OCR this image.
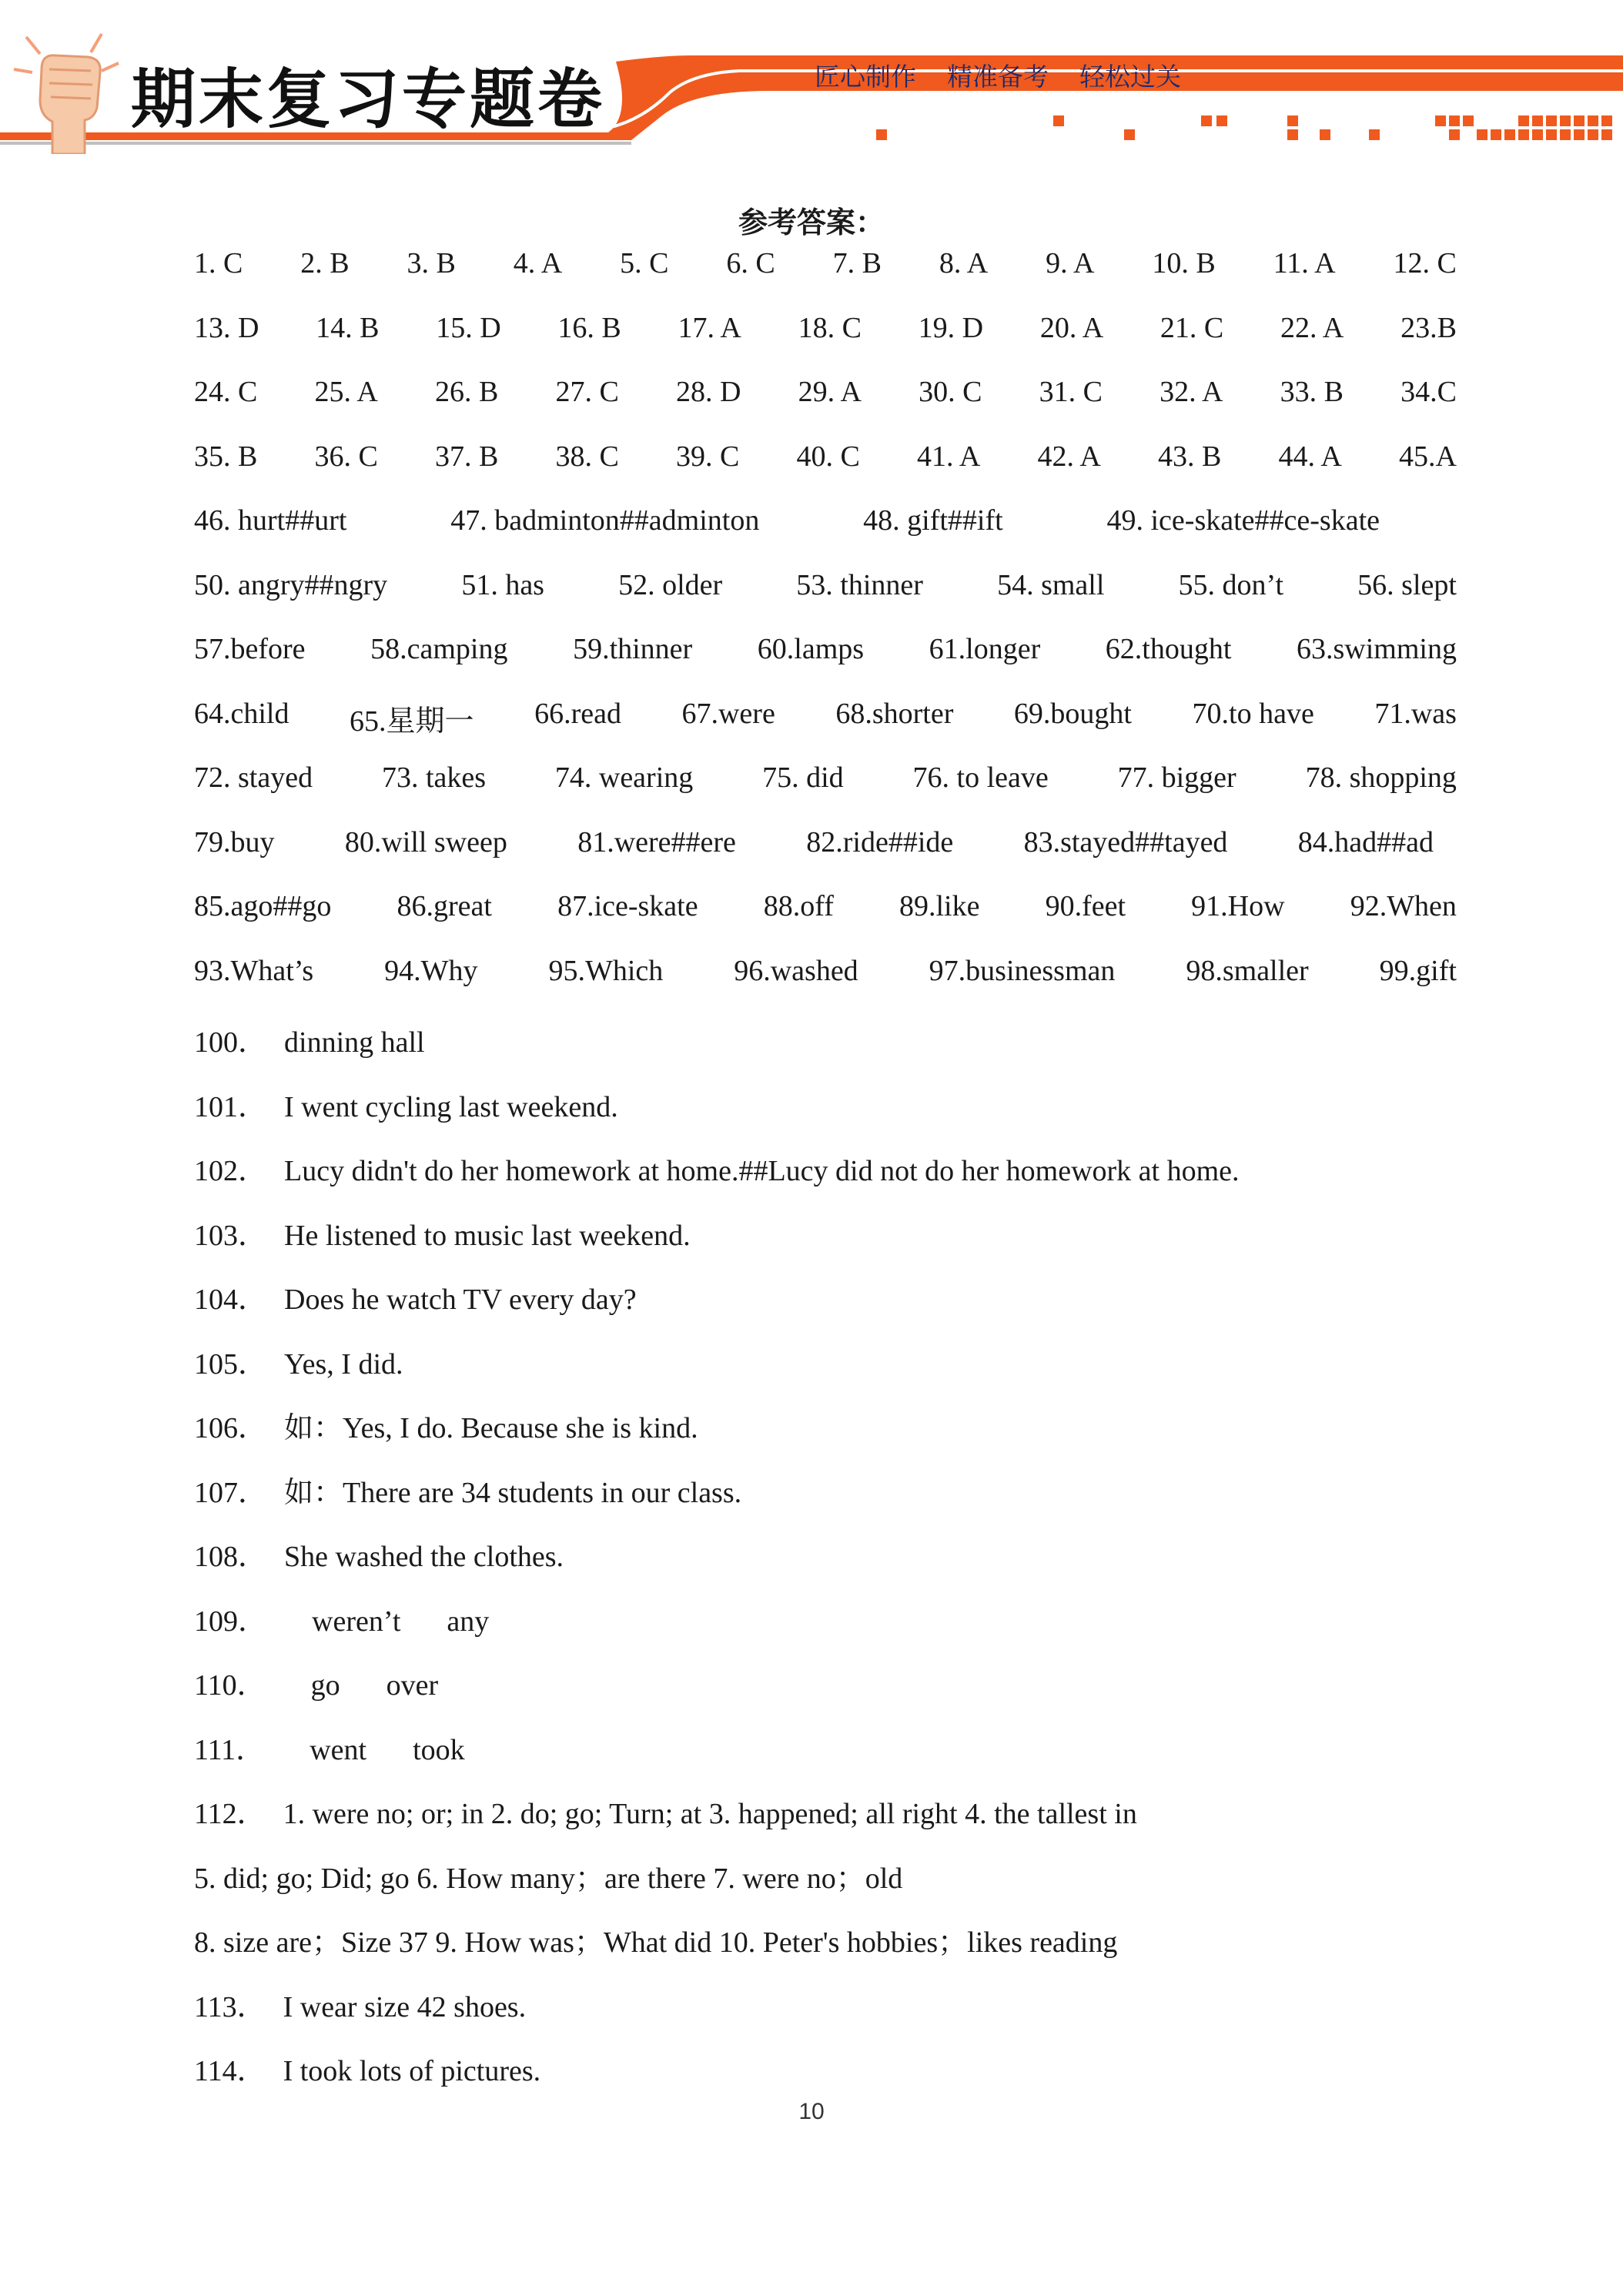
期末复习专题卷	匠心制作 精准备考 轻松过关
参考答案：
1. C 2. B 3. B 4. A 5. C 6. C 7. B 8. A 9. A 10. B 11. A 12. C
13. D 14. B 15. D 16. B 17. A 18. C 19. D 20. A 21. C 22. A 23.B
24. C 25. A 26. B 27. C 28. D 29. A 30. C 31. C 32. A 33. B 34.C
35. B 36. C 37. B 38. C 39. C 40. C 41. A 42. A 43. B 44. A 45.A
46. hurt##urt	47. badminton##adminton	48. gift##ift	49. ice-skate##ce-skate
50. angry##ngry	51. has	52. older	53. thinner	54. small	55. don’t	56. slept
57.before 58.camping 59.thinner 60.lamps 61.longer 62.thought 63.swimming
64.child 65.星期一 66.read 67.were 68.shorter 69.bought 70.to have 71.was
72. stayed 73. takes 74. wearing 75. did 76. to leave 77. bigger 78. shopping
79.buy 80.will sweep 81.were##ere 82.ride##ide 83.stayed##tayed 84.had##ad
85.ago##go 86.great 87.ice-skate 88.off 89.like 90.feet 91.How 92.When
93.What’s 94.Why 95.Which 96.washed 97.businessman 98.smaller 99.gift
100． dinning hall
101． I went cycling last weekend.
102． Lucy didn't do her homework at home.##Lucy did not do her homework at home.
103． He listened to music last weekend.
104． Does he watch TV every day?
105． Yes, I did.
106． 如：Yes, I do. Because she is kind.
107． 如：There are 34 students in our class.
108． She washed the clothes.
109． weren’t any
110． go over
111． went took
112． 1. were no; or; in 2. do; go; Turn; at 3. happened; all right 4. the tallest in
5. did; go; Did; go 6. How many；are there 7. were no；old
8. size are；Size 37 9. How was；What did 10. Peter's hobbies；likes reading
113． I wear size 42 shoes.
114． I took lots of pictures.
10
